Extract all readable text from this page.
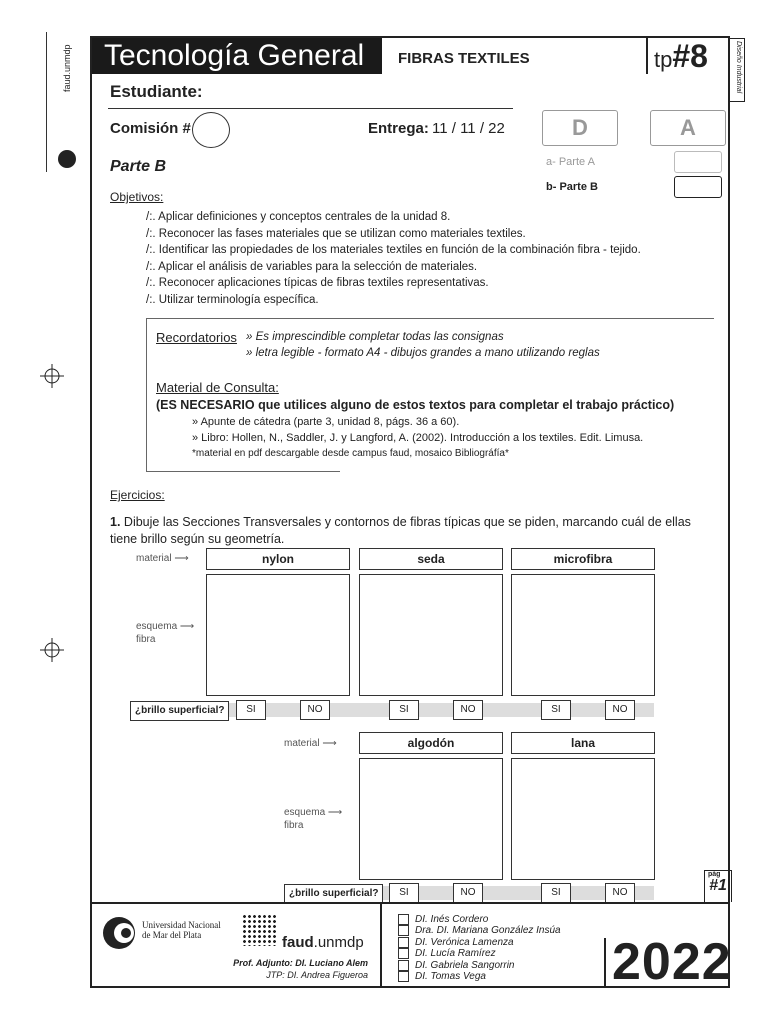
faud.unmdp	Tecnología General	FIBRAS TEXTILES	tp#8	Diseño Industrial
Estudiante:
Comisión #	Entrega: 11 / 11 / 22	D	A
Parte B	a- Parte A
b- Parte B
Objetivos:
/:. Aplicar definiciones y conceptos centrales de la unidad 8.
/:. Reconocer las fases materiales que se utilizan como materiales textiles.
/:. Identificar las propiedades de los materiales textiles en función de la combinación fibra - tejido.
/:. Aplicar el análisis de variables para la selección de materiales.
/:. Reconocer aplicaciones típicas de fibras textiles representativas.
/:. Utilizar terminología específica.
Recordatorios » Es imprescindible completar todas las consignas
» letra legible - formato A4 - dibujos grandes a mano utilizando reglas
Material de Consulta:
(ES NECESARIO que utilices alguno de estos textos para completar el trabajo práctico)
» Apunte de cátedra (parte 3, unidad 8, págs. 36 a 60).
» Libro: Hollen, N., Saddler, J. y Langford, A. (2002). Introducción a los textiles. Edit. Limusa.
*material en pdf descargable desde campus faud, mosaico Bibliográfía*
Ejercicios:
1. Dibuje las Secciones Transversales y contornos de fibras típicas que se piden, marcando cuál de ellas tiene brillo según su geometría.
material ⟶	nylon	seda	microfibra
esquema ⟶
fibra
¿brillo superficial?	SI	NO	SI	NO	SI	NO
material ⟶	algodón	lana
esquema ⟶
fibra
¿brillo superficial?	SI	NO	SI	NO
pág
#1
Universidad Nacional
de Mar del Plata	faud.unmdp
Prof. Adjunto: DI. Luciano Alem
JTP: DI. Andrea Figueroa
DI. Inés Cordero
Dra. DI. Mariana González Insúa
DI. Verónica Lamenza
DI. Lucía Ramírez
DI. Gabriela Sangorrin
DI. Tomas Vega	2022
